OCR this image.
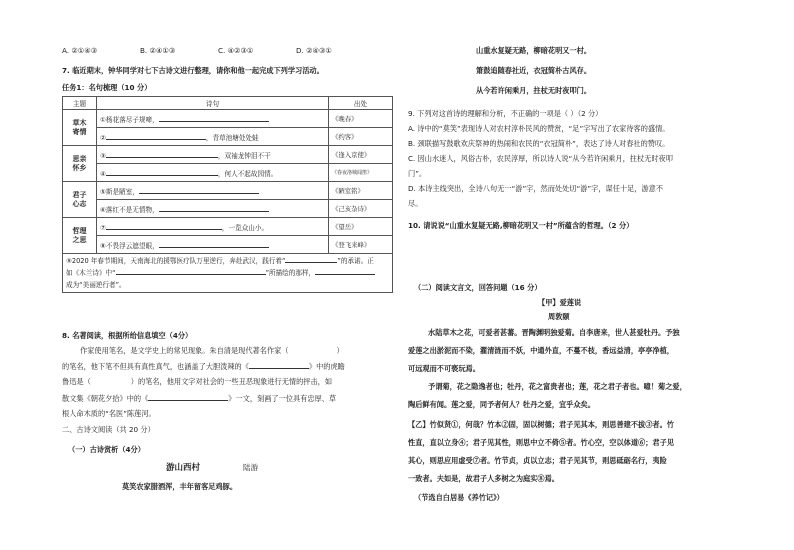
A. ②①④③	B. ②④①③	C. ④②③①	D. ②④③①
7. 临近期末，钟华同学对七下古诗文进行整理，请你和他一起完成下列学习活动。
任务1：名句梳理（10 分）
主题	诗句	出处
草木
寄情	①杨花落尽子规啼，	《晚春》
	② ，青草池塘处处蛙	《约客》
思亲
怀乡	③ ，双袖龙钟泪不干	《逢入京使》
	④ ，何人不起故园情。	《春夜洛城闻笛》
君子
心志	⑤斯是陋室，	《陋室铭》
	⑥落红不是无情物，	《己亥杂诗》
哲理
之思	⑦ ，一览众山小。	《望岳》
	⑧不畏浮云遮望眼，	《登飞来峰》
⑨2020 年春节期间，天南海北的援鄂医疗队万里逆行，奔赴武汉，践行着“ ”的承诺。正
如《木兰诗》中“ ”所描绘的那样，
成为“美丽逆行者”。		
8. 名著阅读，根据所给信息填空（4分）
作家使用笔名，是文学史上的常见现象。朱自清是现代著名作家（	）
的笔名，他下笔不但具有真性真气，也涵盖了大胆泼辣的《	》中的虎瞻
鲁迅是（	）的笔名，他用文字对社会的一些丑恶现象进行无情的抨击，如
散文集《朝花夕拾》中的《	》一文，刻画了一位具有忠厚、草
根人命木质的“名医”陈莲河。
二、古诗文阅读（共 20 分）
（一）古诗赏析（4分）
游山西村	陆游
莫笑农家腊酒浑，丰年留客足鸡豚。
山重水复疑无路，柳暗花明又一村。
箫鼓追随春社近，衣冠简朴古风存。
从今若许闲乘月，拄杖无时夜叩门。
9. 下列对这首诗的理解和分析，不正确的一项是（ ）（2 分）
A. 诗中的“莫笑”表现诗人对农村淳朴民风的赞赏，“足”字写出了农家待客的盛情。
B. 颈联描写鼓歌欢庆祭神的热闹和农民的“衣冠简朴”，表达了诗人对春社的赞叹。
C. 因山水迷人，风俗古朴，农民淳厚，所以诗人说“从今若许闲乘月，拄杖无时夜叩
门”。
D. 本诗主线突出，全诗八句无一“游”字，然而处处切“游”字，谋任十足，游意不
尽。
10. 请说说“山重水复疑无路,柳暗花明又一村”所蕴含的哲理。（2 分）
（二）阅读文言文，回答问题（16 分）
【甲】爱莲说
周敦颐
水陆草木之花，可爱者甚蕃。晋陶渊明独爱菊。自李唐来，世人甚爱牡丹。予独
爱莲之出淤泥而不染，濯清涟而不妖，中通外直，不蔓不枝，香远益清，亭亭净植，
可远观而不可亵玩焉。
予谓菊，花之隐逸者也；牡丹，花之富贵者也；莲，花之君子者也。噫！菊之爱，
陶后鲜有闻。莲之爱，同予者何人？牡丹之爱，宜乎众矣。
【乙】竹似贤①，何哉？竹本②固，固以树德；君子见其本，则思善建不拔③者。竹
性直，直以立身④；君子见其性，则思中立不倚⑤者。竹心空，空以体道⑥；君子见
其心，则思应用虚受⑦者。竹节贞，贞以立志；君子见其节，则思砥砺名行，夷险
一致者。夫如是，故君子人多树之为庭实⑧焉。
（节选自白居易《养竹记》）
